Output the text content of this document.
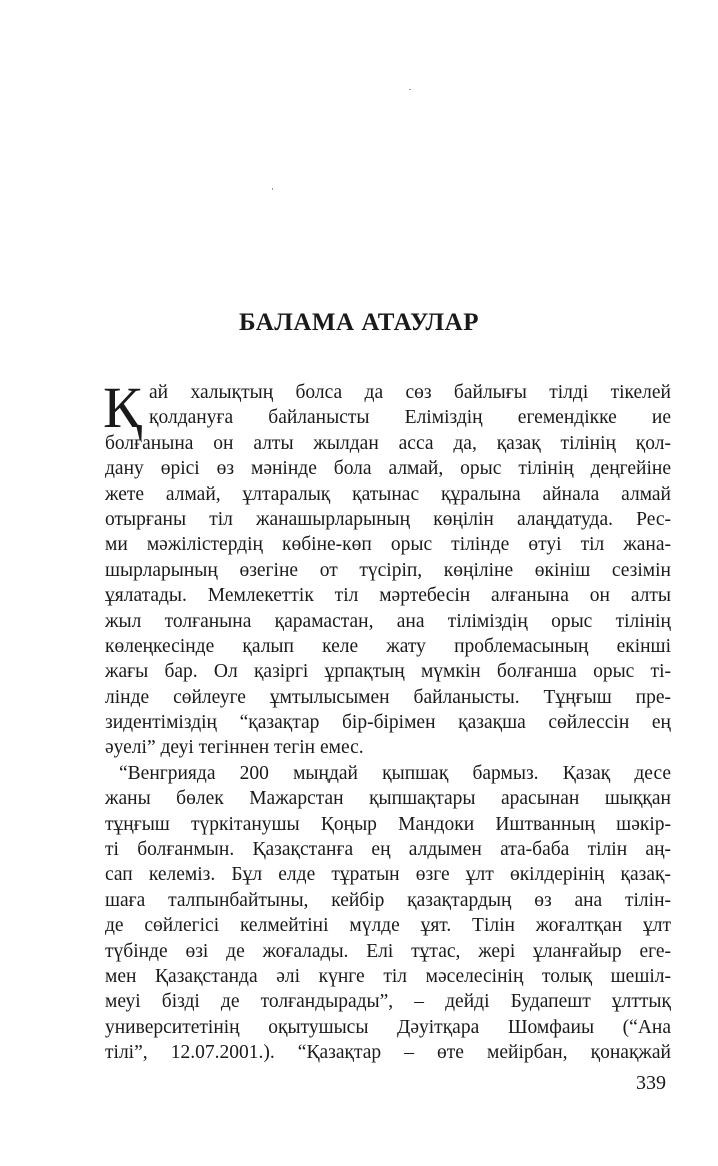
БАЛАМА АТАУЛАР
Қ ай халықтың болса да сөз байлығы тілді тікелей
қолдануға байланысты Еліміздің егемендікке ие
болғанына он алты жылдан асса да, қазақ тілінің қол-
дану өрісі өз мәнінде бола алмай, орыс тілінің деңгейіне
жете алмай, ұлтаралық қатынас құралына айнала алмай
отырғаны тіл жанашырларының көңілін алаңдатуда. Рес-
ми мәжілістердің көбіне-көп орыс тілінде өтуі тіл жана-
шырларының өзегіне от түсіріп, көңіліне өкініш сезімін
ұялатады. Мемлекеттік тіл мәртебесін алғанына он алты
жыл толғанына қарамастан, ана тіліміздің орыс тілінің
көлеңкесінде қалып келе жату проблемасының екінші
жағы бар. Ол қазіргі ұрпақтың мүмкін болғанша орыс ті-
лінде сөйлеуге ұмтылысымен байланысты. Тұңғыш пре-
зидентіміздің “қазақтар бір-бірімен қазақша сөйлессін ең
әуелі” деуі тегіннен тегін емес.
“Венгрияда 200 мыңдай қыпшақ бармыз. Қазақ десе
жаны бөлек Мажарстан қыпшақтары арасынан шыққан
тұңғыш түркітанушы Қоңыр Мандоки Иштванның шәкір-
ті болғанмын. Қазақстанға ең алдымен ата-баба тілін аң-
сап келеміз. Бұл елде тұратын өзге ұлт өкілдерінің қазақ-
шаға талпынбайтыны, кейбір қазақтардың өз ана тілін-
де сөйлегісі келмейтіні мүлде ұят. Тілін жоғалтқан ұлт
түбінде өзі де жоғалады. Елі тұтас, жері ұланғайыр еге-
мен Қазақстанда әлі күнге тіл мәселесінің толық шешіл-
меуі бізді де толғандырады”, – дейді Будапешт ұлттық
университетінің оқытушысы Дәуітқара Шомфаиы (“Ана
тілі”, 12.07.2001.). “Қазақтар – өте мейірбан, қонақжай
339
